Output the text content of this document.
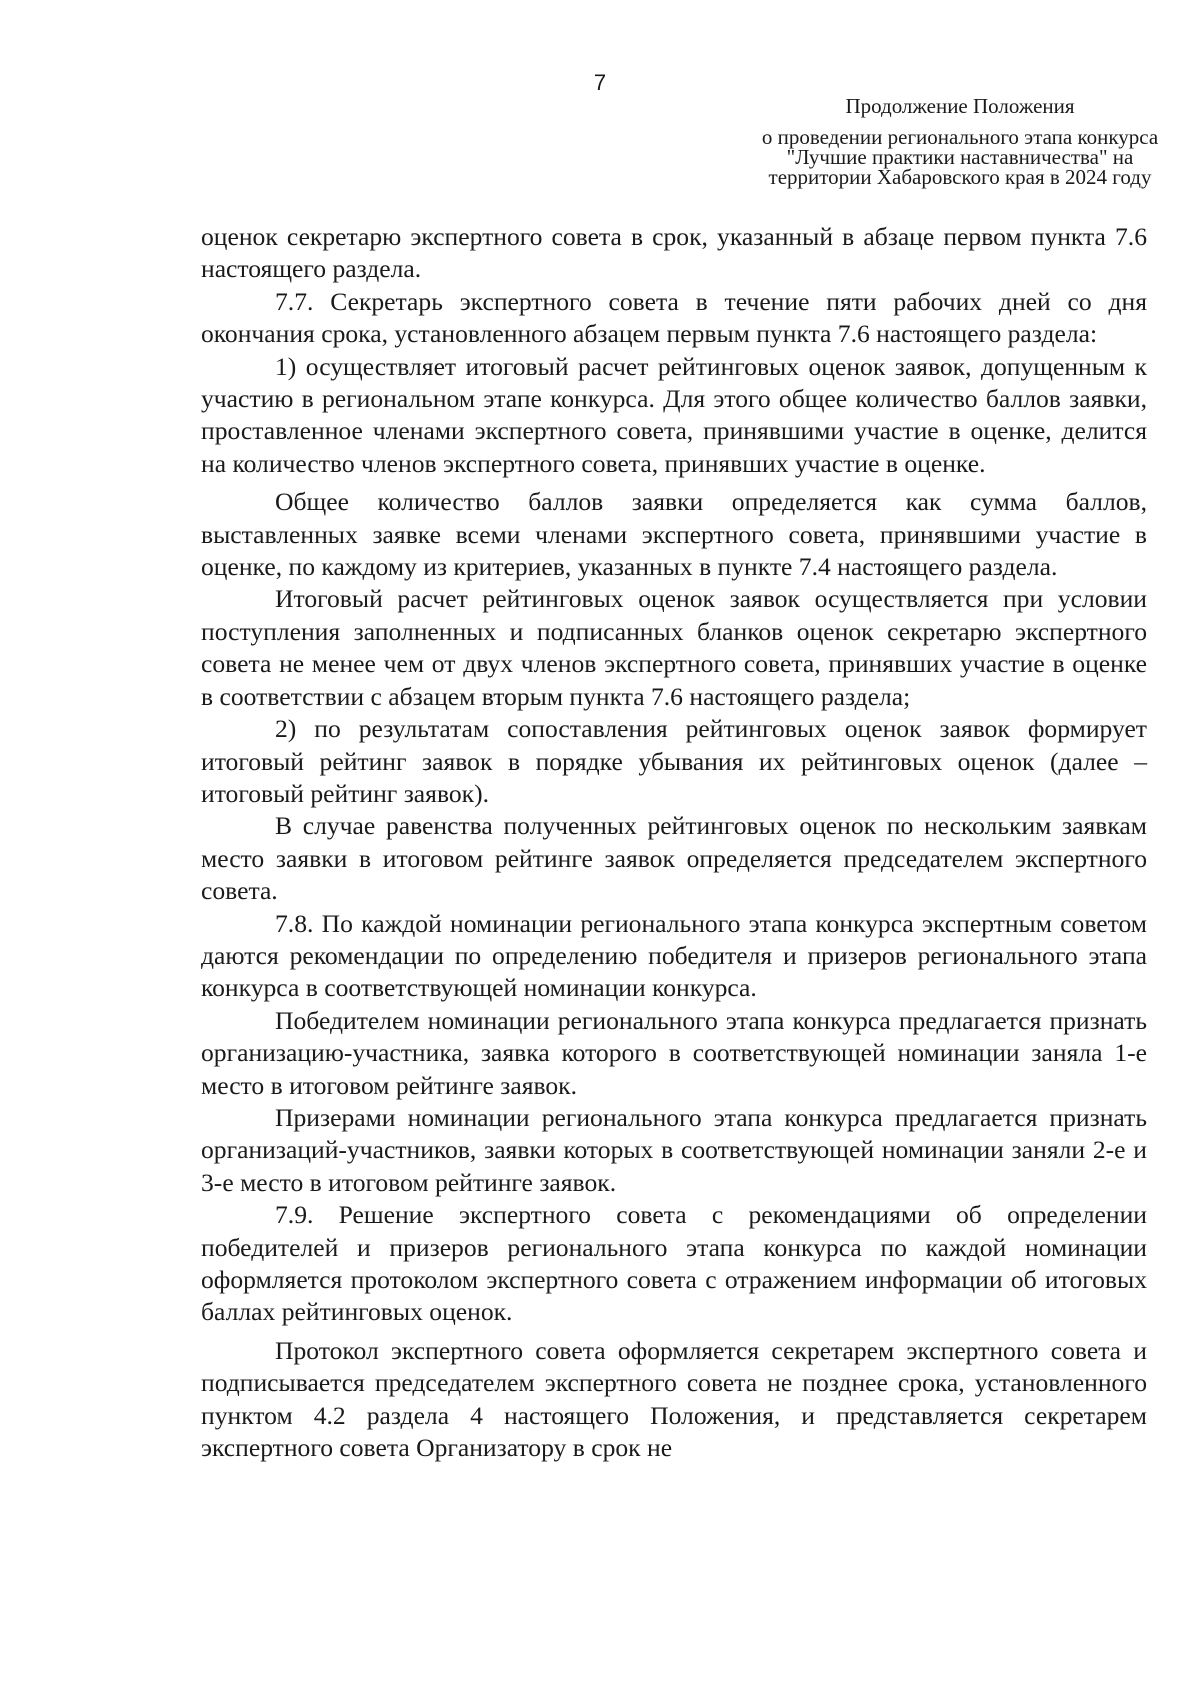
7
Продолжение Положения
о проведении регионального этапа конкурса "Лучшие практики наставничества" на территории Хабаровского края в 2024 году

оценок секретарю экспертного совета в срок, указанный в абзаце первом пункта 7.6 настоящего раздела.

7.7. Секретарь экспертного совета в течение пяти рабочих дней со дня окончания срока, установленного абзацем первым пункта 7.6 настоящего раздела:

1) осуществляет итоговый расчет рейтинговых оценок заявок, допущенным к участию в региональном этапе конкурса. Для этого общее количество баллов заявки, проставленное членами экспертного совета, принявшими участие в оценке, делится на количество членов экспертного совета, принявших участие в оценке.

Общее количество баллов заявки определяется как сумма баллов, выставленных заявке всеми членами экспертного совета, принявшими участие в оценке, по каждому из критериев, указанных в пункте 7.4 настоящего раздела.

Итоговый расчет рейтинговых оценок заявок осуществляется при условии поступления заполненных и подписанных бланков оценок секретарю экспертного совета не менее чем от двух членов экспертного совета, принявших участие в оценке в соответствии с абзацем вторым пункта 7.6 настоящего раздела;

2) по результатам сопоставления рейтинговых оценок заявок формирует итоговый рейтинг заявок в порядке убывания их рейтинговых оценок (далее – итоговый рейтинг заявок).

В случае равенства полученных рейтинговых оценок по нескольким заявкам место заявки в итоговом рейтинге заявок определяется председателем экспертного совета.

7.8. По каждой номинации регионального этапа конкурса экспертным советом даются рекомендации по определению победителя и призеров регионального этапа конкурса в соответствующей номинации конкурса.

Победителем номинации регионального этапа конкурса предлагается признать организацию-участника, заявка которого в соответствующей номинации заняла 1-е место в итоговом рейтинге заявок.

Призерами номинации регионального этапа конкурса предлагается признать организаций-участников, заявки которых в соответствующей номинации заняли 2-е и 3-е место в итоговом рейтинге заявок.

7.9. Решение экспертного совета с рекомендациями об определении победителей и призеров регионального этапа конкурса по каждой номинации оформляется протоколом экспертного совета с отражением информации об итоговых баллах рейтинговых оценок.

Протокол экспертного совета оформляется секретарем экспертного совета и подписывается председателем экспертного совета не позднее срока, установленного пунктом 4.2 раздела 4 настоящего Положения, и представляется секретарем экспертного совета Организатору в срок не
